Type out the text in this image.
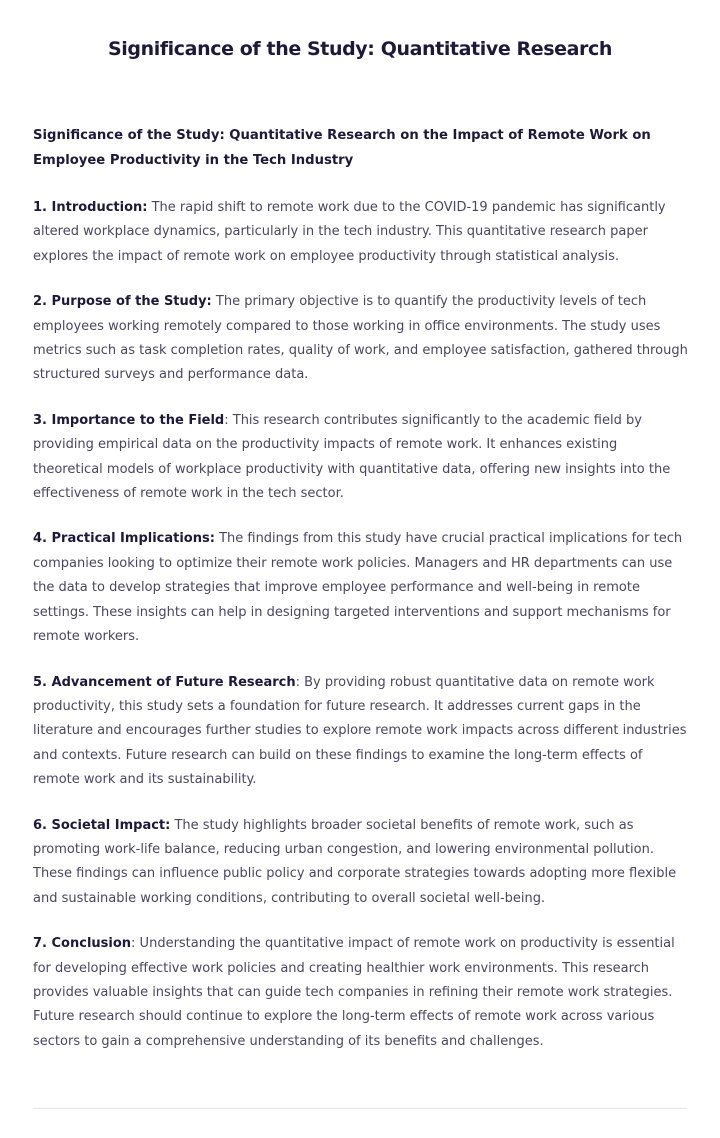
Significance of the Study: Quantitative Research

Significance of the Study: Quantitative Research on the Impact of Remote Work on Employee Productivity in the Tech Industry

1. Introduction: The rapid shift to remote work due to the COVID-19 pandemic has significantly altered workplace dynamics, particularly in the tech industry. This quantitative research paper explores the impact of remote work on employee productivity through statistical analysis.

2. Purpose of the Study: The primary objective is to quantify the productivity levels of tech employees working remotely compared to those working in office environments. The study uses metrics such as task completion rates, quality of work, and employee satisfaction, gathered through structured surveys and performance data.

3. Importance to the Field: This research contributes significantly to the academic field by providing empirical data on the productivity impacts of remote work. It enhances existing theoretical models of workplace productivity with quantitative data, offering new insights into the effectiveness of remote work in the tech sector.

4. Practical Implications: The findings from this study have crucial practical implications for tech companies looking to optimize their remote work policies. Managers and HR departments can use the data to develop strategies that improve employee performance and well-being in remote settings. These insights can help in designing targeted interventions and support mechanisms for remote workers.

5. Advancement of Future Research: By providing robust quantitative data on remote work productivity, this study sets a foundation for future research. It addresses current gaps in the literature and encourages further studies to explore remote work impacts across different industries and contexts. Future research can build on these findings to examine the long-term effects of remote work and its sustainability.

6. Societal Impact: The study highlights broader societal benefits of remote work, such as promoting work-life balance, reducing urban congestion, and lowering environmental pollution. These findings can influence public policy and corporate strategies towards adopting more flexible and sustainable working conditions, contributing to overall societal well-being.

7. Conclusion: Understanding the quantitative impact of remote work on productivity is essential for developing effective work policies and creating healthier work environments. This research provides valuable insights that can guide tech companies in refining their remote work strategies. Future research should continue to explore the long-term effects of remote work across various sectors to gain a comprehensive understanding of its benefits and challenges.
